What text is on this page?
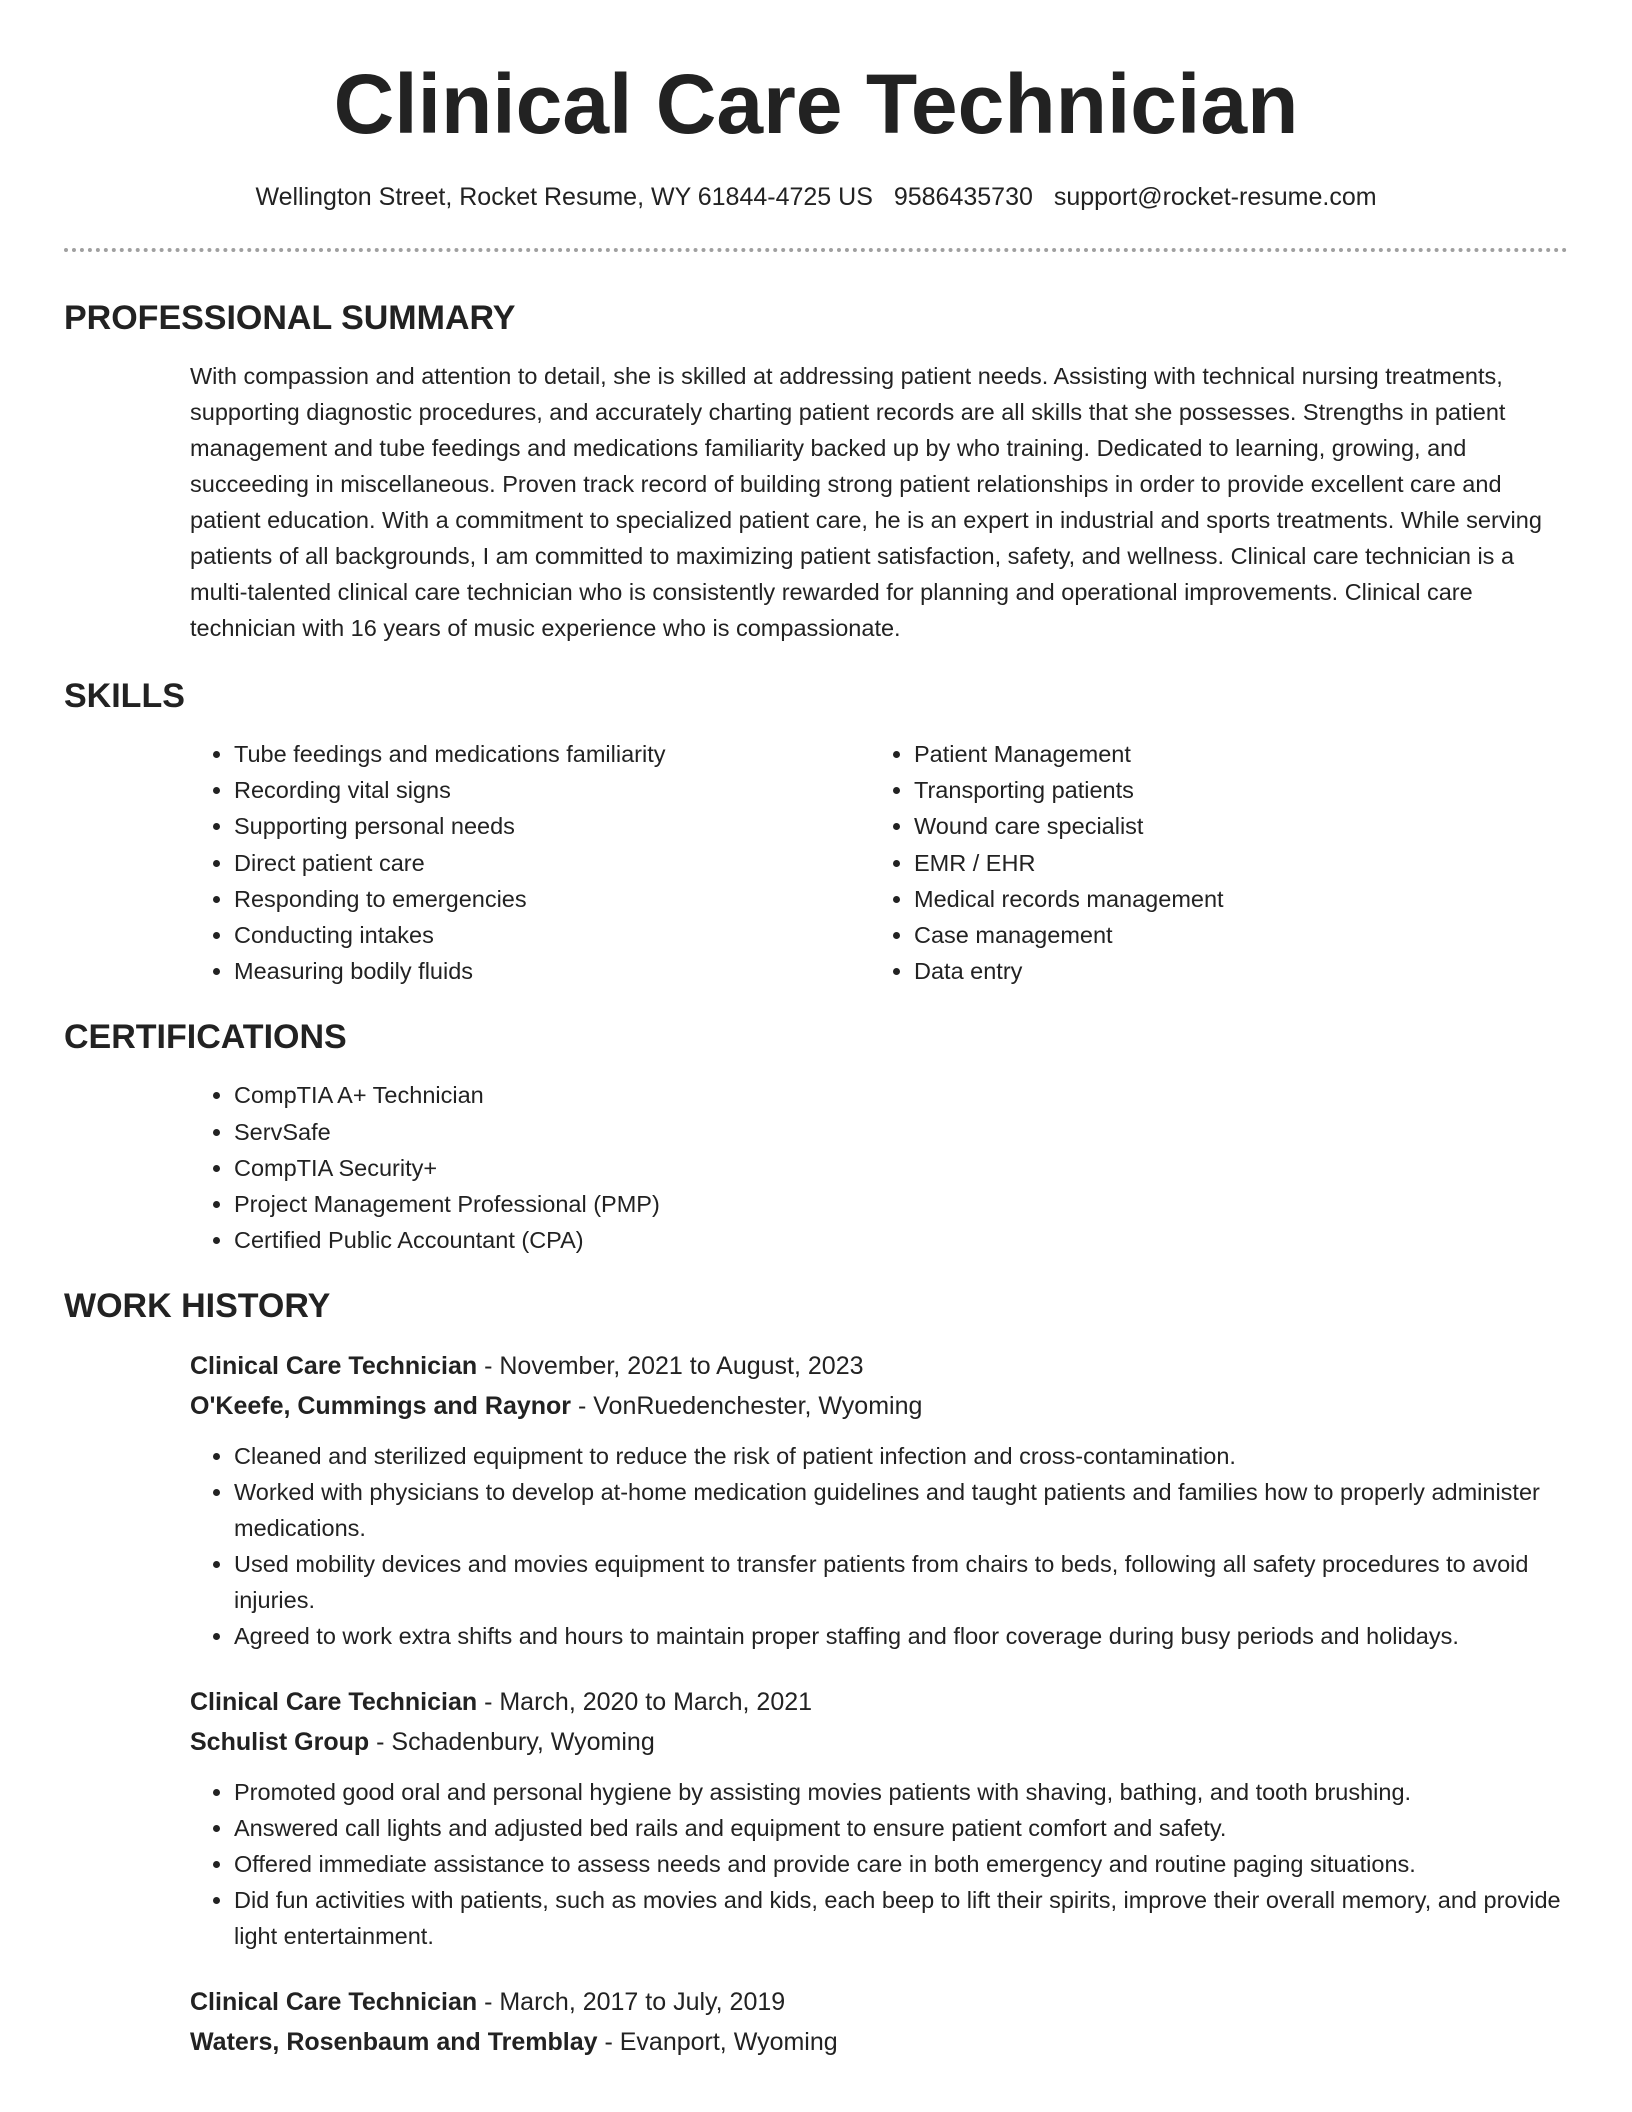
Clinical Care Technician
Wellington Street, Rocket Resume, WY 61844-4725 US 9586435730 support@rocket-resume.com
PROFESSIONAL SUMMARY

With compassion and attention to detail, she is skilled at addressing patient needs. Assisting with technical nursing treatments, supporting diagnostic procedures, and accurately charting patient records are all skills that she possesses. Strengths in patient management and tube feedings and medications familiarity backed up by who training. Dedicated to learning, growing, and succeeding in miscellaneous. Proven track record of building strong patient relationships in order to provide excellent care and patient education. With a commitment to specialized patient care, he is an expert in industrial and sports treatments. While serving patients of all backgrounds, I am committed to maximizing patient satisfaction, safety, and wellness. Clinical care technician is a multi-talented clinical care technician who is consistently rewarded for planning and operational improvements. Clinical care technician with 16 years of music experience who is compassionate.

SKILLS
• Tube feedings and medications familiarity
• Recording vital signs
• Supporting personal needs
• Direct patient care
• Responding to emergencies
• Conducting intakes
• Measuring bodily fluids
• Patient Management
• Transporting patients
• Wound care specialist
• EMR / EHR
• Medical records management
• Case management
• Data entry
CERTIFICATIONS
• CompTIA A+ Technician
• ServSafe
• CompTIA Security+
• Project Management Professional (PMP)
• Certified Public Accountant (CPA)
WORK HISTORY
Clinical Care Technician - November, 2021 to August, 2023
O'Keefe, Cummings and Raynor - VonRuedenchester, Wyoming
• Cleaned and sterilized equipment to reduce the risk of patient infection and cross-contamination.
• Worked with physicians to develop at-home medication guidelines and taught patients and families how to properly administer medications.
• Used mobility devices and movies equipment to transfer patients from chairs to beds, following all safety procedures to avoid injuries.
• Agreed to work extra shifts and hours to maintain proper staffing and floor coverage during busy periods and holidays.
Clinical Care Technician - March, 2020 to March, 2021
Schulist Group - Schadenbury, Wyoming
• Promoted good oral and personal hygiene by assisting movies patients with shaving, bathing, and tooth brushing.
• Answered call lights and adjusted bed rails and equipment to ensure patient comfort and safety.
• Offered immediate assistance to assess needs and provide care in both emergency and routine paging situations.
• Did fun activities with patients, such as movies and kids, each beep to lift their spirits, improve their overall memory, and provide light entertainment.
Clinical Care Technician - March, 2017 to July, 2019
Waters, Rosenbaum and Tremblay - Evanport, Wyoming
